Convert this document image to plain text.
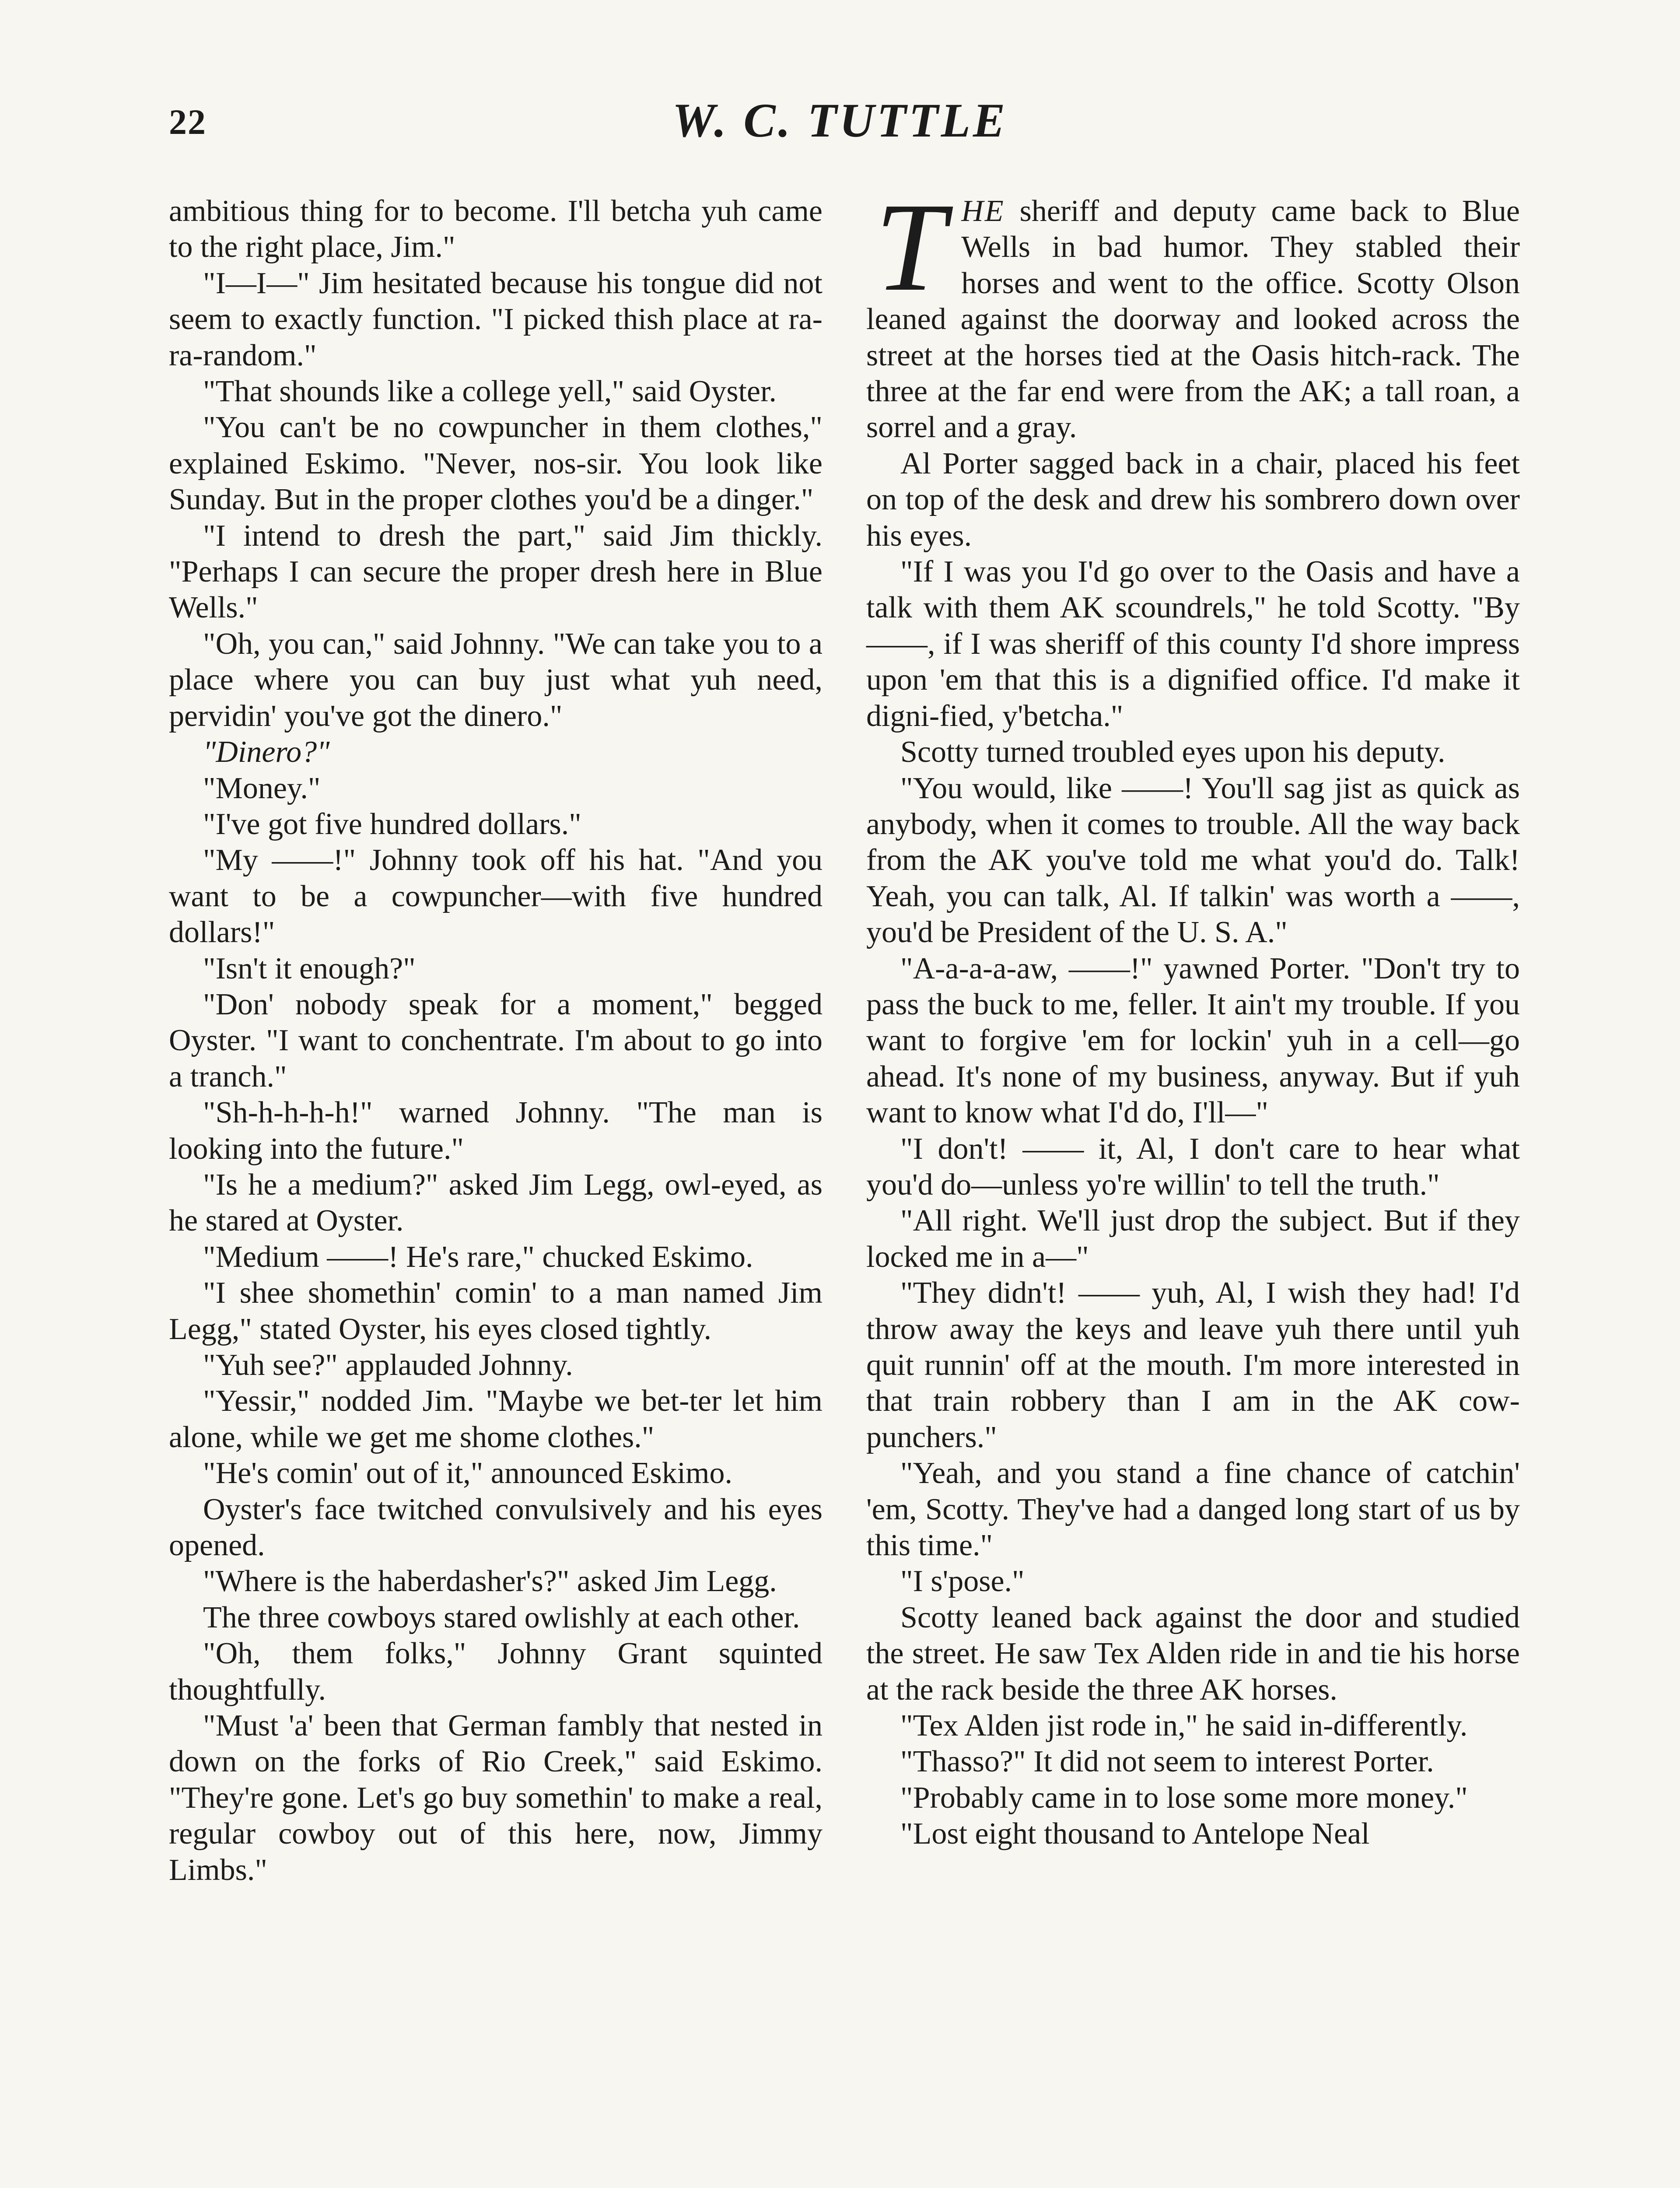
22	W. C. TUTTLE

ambitious thing for to become. I'll betcha yuh came to the right place, Jim."

"I—I—" Jim hesitated because his tongue did not seem to exactly function. "I picked thish place at ra-ra-random."

"That shounds like a college yell," said Oyster.

"You can't be no cowpuncher in them clothes," explained Eskimo. "Never, nos-sir. You look like Sunday. But in the proper clothes you'd be a dinger."

"I intend to dresh the part," said Jim thickly. "Perhaps I can secure the proper dresh here in Blue Wells."

"Oh, you can," said Johnny. "We can take you to a place where you can buy just what yuh need, pervidin' you've got the dinero."

"Dinero?"

"Money."

"I've got five hundred dollars."

"My ——!" Johnny took off his hat. "And you want to be a cowpuncher—with five hundred dollars!"

"Isn't it enough?"

"Don' nobody speak for a moment," begged Oyster. "I want to conchentrate. I'm about to go into a tranch."

"Sh-h-h-h-h!" warned Johnny. "The man is looking into the future."

"Is he a medium?" asked Jim Legg, owl-eyed, as he stared at Oyster.

"Medium ——! He's rare," chucked Eskimo.

"I shee shomethin' comin' to a man named Jim Legg," stated Oyster, his eyes closed tightly.

"Yuh see?" applauded Johnny.

"Yessir," nodded Jim. "Maybe we bet-ter let him alone, while we get me shome clothes."

"He's comin' out of it," announced Eskimo.

Oyster's face twitched convulsively and his eyes opened.

"Where is the haberdasher's?" asked Jim Legg.

The three cowboys stared owlishly at each other.

"Oh, them folks," Johnny Grant squinted thoughtfully.

"Must 'a' been that German fambly that nested in down on the forks of Rio Creek," said Eskimo. "They're gone. Let's go buy somethin' to make a real, regular cowboy out of this here, now, Jimmy Limbs."

THE sheriff and deputy came back to Blue Wells in bad humor. They stabled their horses and went to the office. Scotty Olson leaned against the doorway and looked across the street at the horses tied at the Oasis hitch-rack. The three at the far end were from the AK; a tall roan, a sorrel and a gray.

Al Porter sagged back in a chair, placed his feet on top of the desk and drew his sombrero down over his eyes.

"If I was you I'd go over to the Oasis and have a talk with them AK scoundrels," he told Scotty. "By ——, if I was sheriff of this county I'd shore impress upon 'em that this is a dignified office. I'd make it digni-fied, y'betcha."

Scotty turned troubled eyes upon his deputy.

"You would, like ——! You'll sag jist as quick as anybody, when it comes to trouble. All the way back from the AK you've told me what you'd do. Talk! Yeah, you can talk, Al. If talkin' was worth a ——, you'd be President of the U. S. A."

"A-a-a-a-aw, ——!" yawned Porter. "Don't try to pass the buck to me, feller. It ain't my trouble. If you want to forgive 'em for lockin' yuh in a cell—go ahead. It's none of my business, anyway. But if yuh want to know what I'd do, I'll—"

"I don't! —— it, Al, I don't care to hear what you'd do—unless yo're willin' to tell the truth."

"All right. We'll just drop the subject. But if they locked me in a—"

"They didn't! —— yuh, Al, I wish they had! I'd throw away the keys and leave yuh there until yuh quit runnin' off at the mouth. I'm more interested in that train robbery than I am in the AK cow-punchers."

"Yeah, and you stand a fine chance of catchin' 'em, Scotty. They've had a danged long start of us by this time."

"I s'pose."

Scotty leaned back against the door and studied the street. He saw Tex Alden ride in and tie his horse at the rack beside the three AK horses.

"Tex Alden jist rode in," he said in-differently.

"Thasso?" It did not seem to interest Porter.

"Probably came in to lose some more money."

"Lost eight thousand to Antelope Neal
